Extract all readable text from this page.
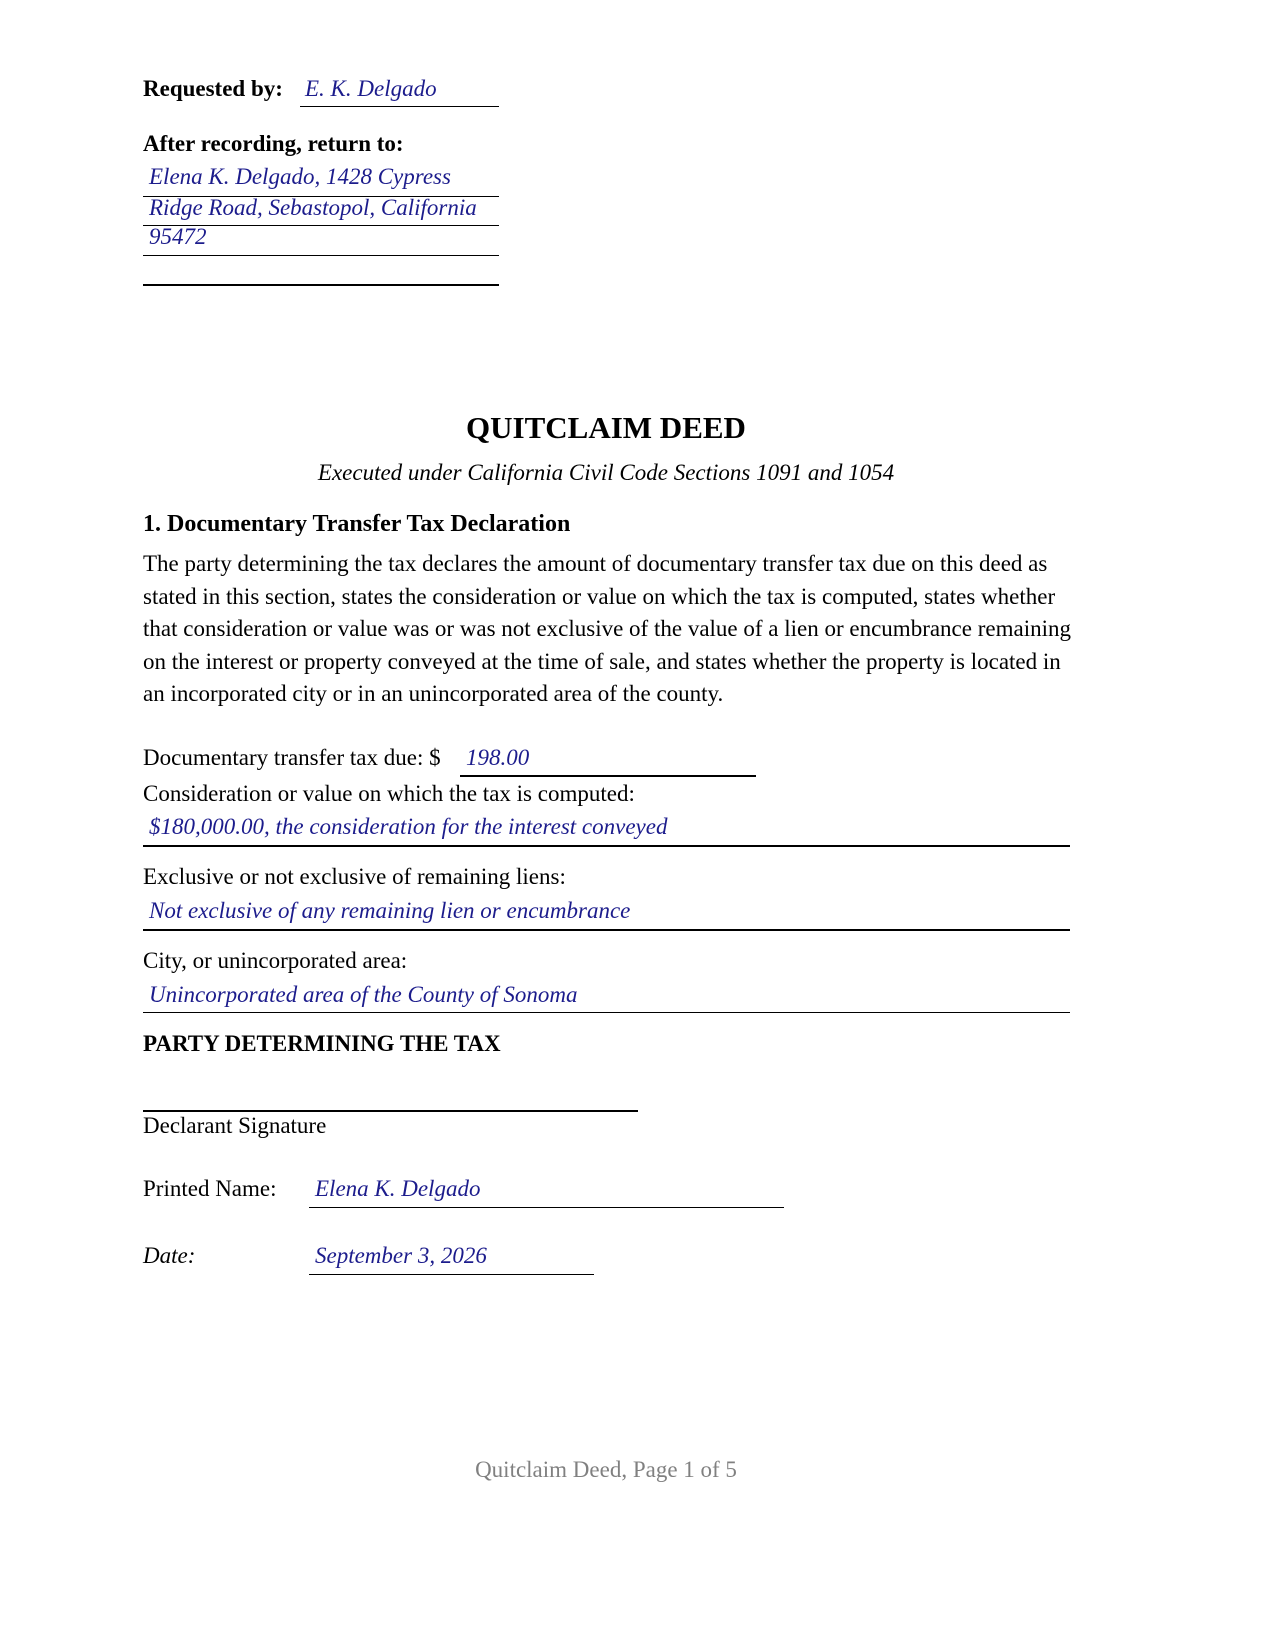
Requested by: E. K. Delgado
After recording, return to:
Elena K. Delgado, 1428 Cypress
Ridge Road, Sebastopol, California
95472
QUITCLAIM DEED
Executed under California Civil Code Sections 1091 and 1054
1. Documentary Transfer Tax Declaration
The party determining the tax declares the amount of documentary transfer tax due on this deed as stated in this section, states the consideration or value on which the tax is computed, states whether that consideration or value was or was not exclusive of the value of a lien or encumbrance remaining on the interest or property conveyed at the time of sale, and states whether the property is located in an incorporated city or in an unincorporated area of the county.
Documentary transfer tax due: $ 198.00
Consideration or value on which the tax is computed:
$180,000.00, the consideration for the interest conveyed
Exclusive or not exclusive of remaining liens:
Not exclusive of any remaining lien or encumbrance
City, or unincorporated area:
Unincorporated area of the County of Sonoma
PARTY DETERMINING THE TAX
Declarant Signature
Printed Name: Elena K. Delgado
Date:	September 3, 2026
Quitclaim Deed, Page 1 of 5
